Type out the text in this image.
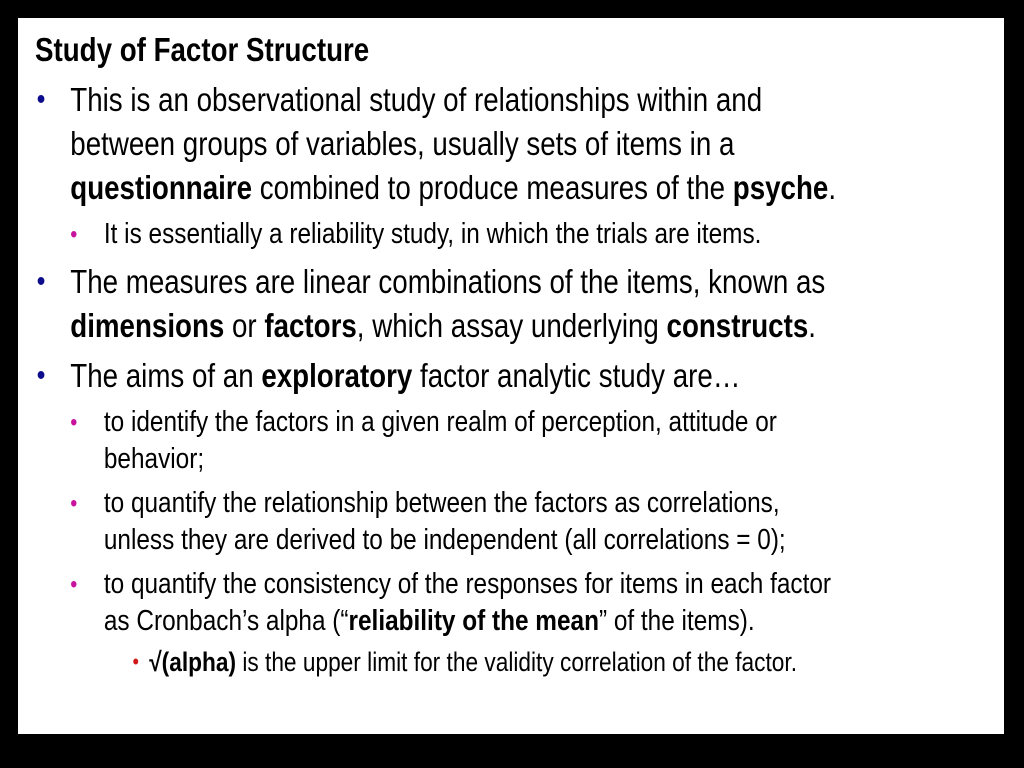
Study of Factor Structure
• This is an observational study of relationships within and between groups of variables, usually sets of items in a questionnaire combined to produce measures of the psyche.
• It is essentially a reliability study, in which the trials are items.
• The measures are linear combinations of the items, known as dimensions or factors, which assay underlying constructs.
• The aims of an exploratory factor analytic study are…
• to identify the factors in a given realm of perception, attitude or behavior;
• to quantify the relationship between the factors as correlations, unless they are derived to be independent (all correlations = 0);
• to quantify the consistency of the responses for items in each factor as Cronbach’s alpha (“reliability of the mean” of the items).
• √(alpha) is the upper limit for the validity correlation of the factor.
